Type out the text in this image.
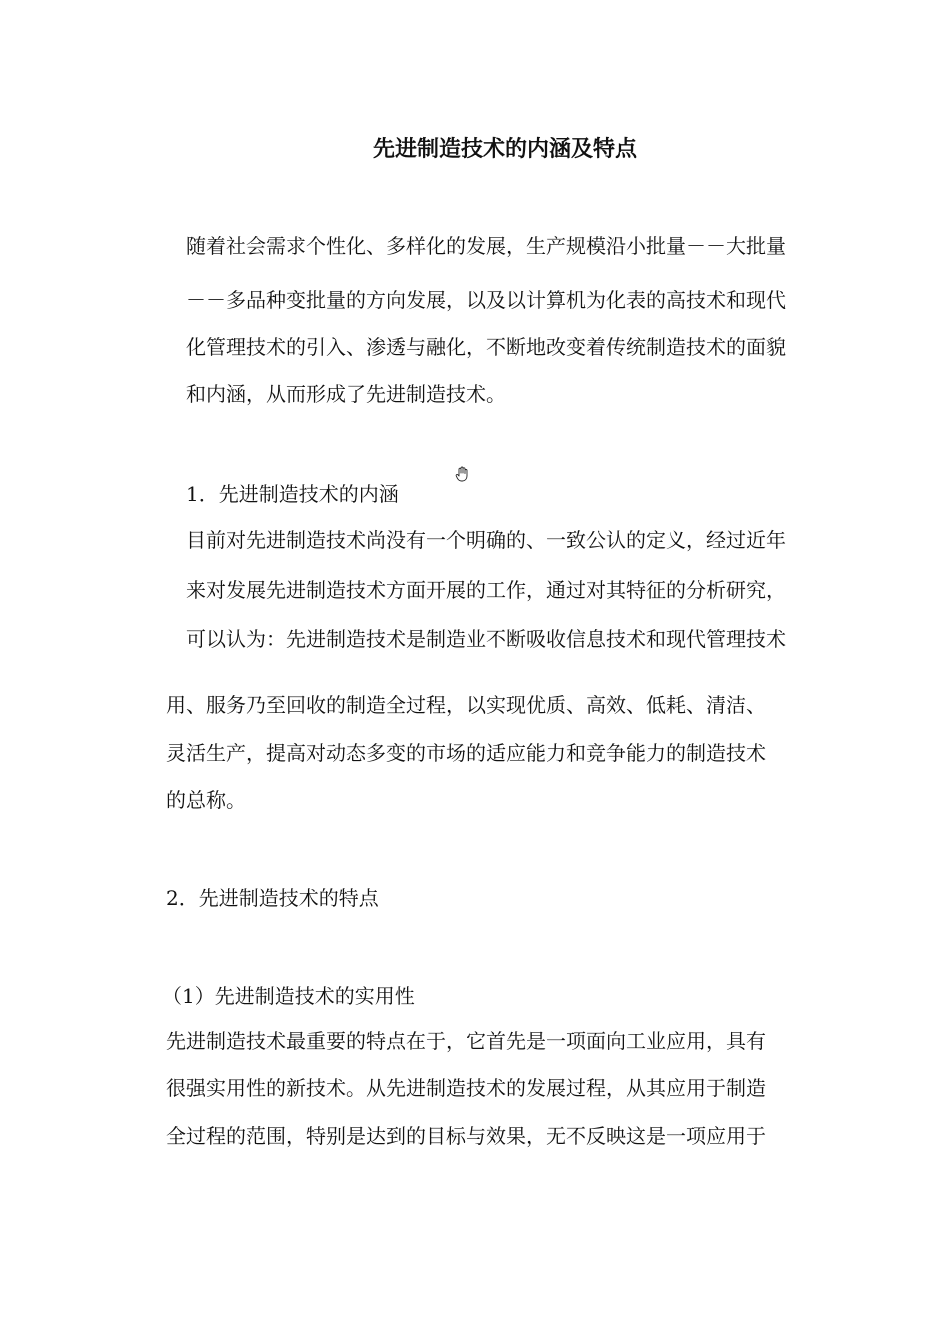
先进制造技术的内涵及特点
随着社会需求个性化、多样化的发展，生产规模沿小批量－－大批量
－－多品种变批量的方向发展，以及以计算机为化表的高技术和现代
化管理技术的引入、渗透与融化，不断地改变着传统制造技术的面貌
和内涵，从而形成了先进制造技术。
1．先进制造技术的内涵
目前对先进制造技术尚没有一个明确的、一致公认的定义，经过近年
来对发展先进制造技术方面开展的工作，通过对其特征的分析研究，
可以认为：先进制造技术是制造业不断吸收信息技术和现代管理技术
用、服务乃至回收的制造全过程，以实现优质、高效、低耗、清洁、
灵活生产，提高对动态多变的市场的适应能力和竞争能力的制造技术
的总称。
2．先进制造技术的特点
（1）先进制造技术的实用性
先进制造技术最重要的特点在于，它首先是一项面向工业应用，具有
很强实用性的新技术。从先进制造技术的发展过程，从其应用于制造
全过程的范围，特别是达到的目标与效果，无不反映这是一项应用于
